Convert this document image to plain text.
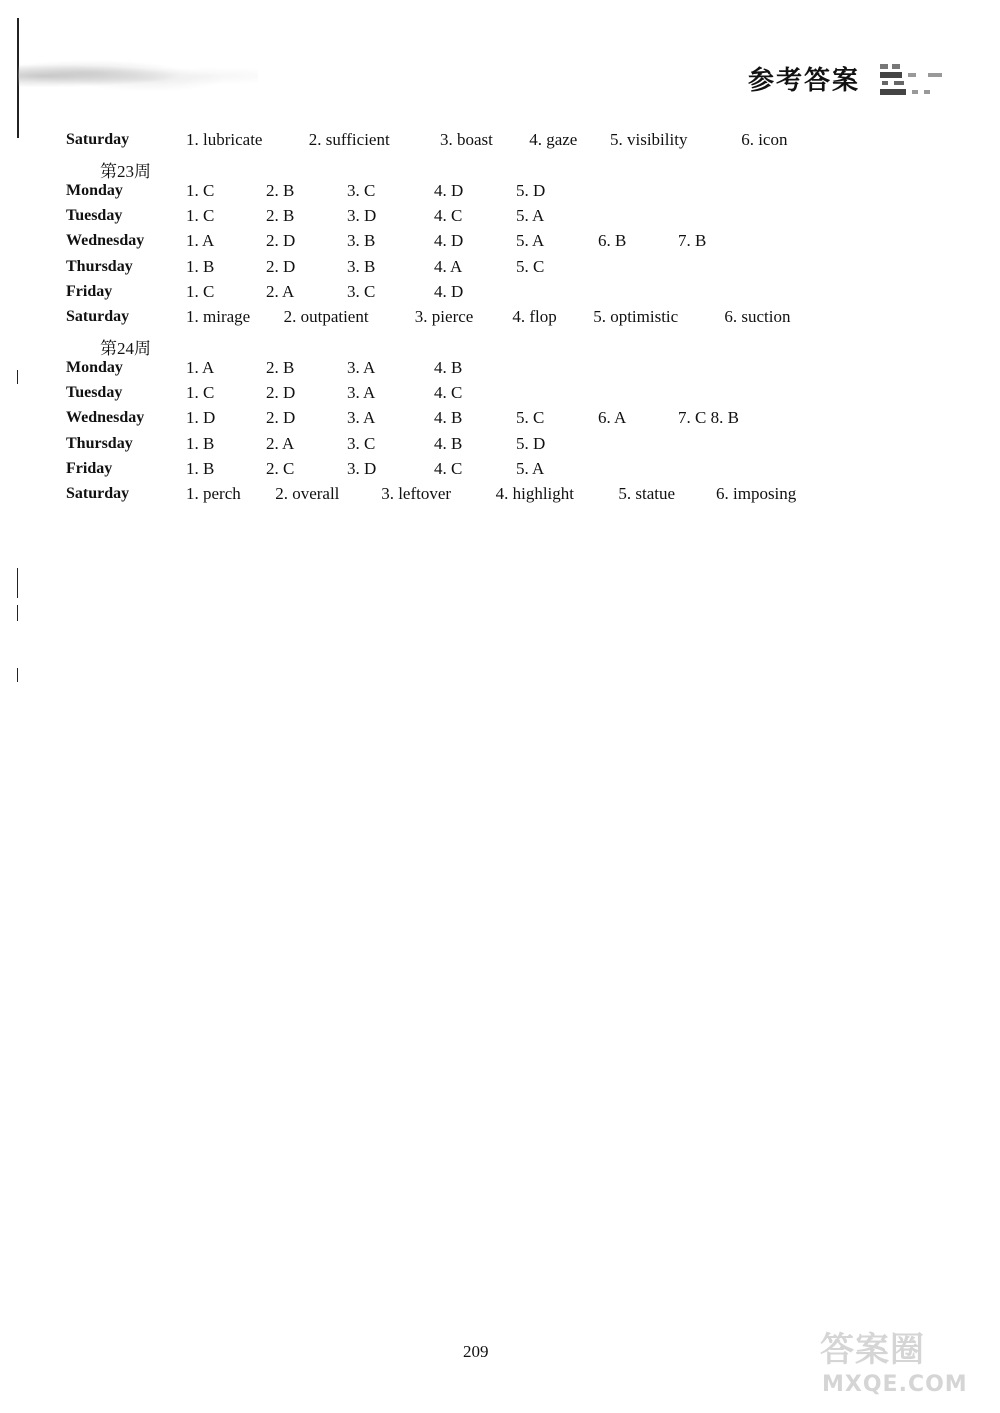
参考答案
Saturday	1. lubricate	2. sufficient	3. boast 4. gaze 5. visibility	6. icon
第23周
Monday	1. C	2. B	3. C	4. D	5. D
Tuesday	1. C	2. B	3. D	4. C	5. A
Wednesday 1. A	2. D	3. B	4. D	5. A	6. B	7. B
Thursday	1. B	2. D	3. B	4. A	5. C
Friday	1. C	2. A	3. C	4. D
Saturday	1. mirage 2. outpatient	3. pierce 4. flop 5. optimistic	6. suction
第24周
Monday	1. A	2. B	3. A	4. B
Tuesday	1. C	2. D	3. A	4. C
Wednesday 1. D	2. D	3. A	4. B	5. C	6. A	7. C 8. B
Thursday	1. B	2. A	3. C	4. B	5. D
Friday	1. B	2. C	3. D	4. C	5. A
Saturday	1. perch 2. overall 3. leftover	4. highlight	5. statue 6. imposing
209	答案圈
MXQE.COM
